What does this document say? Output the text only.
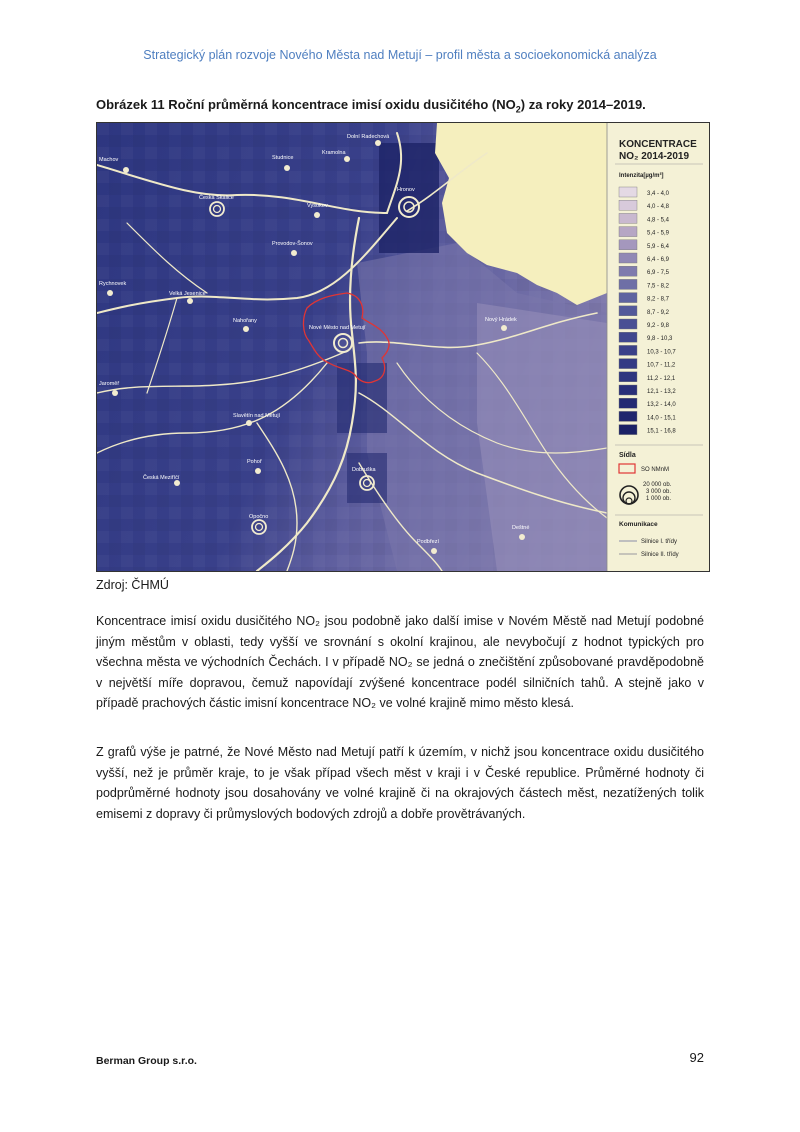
Strategický plán rozvoje Nového Města nad Metují – profil města a socioekonomická analýza
Obrázek 11 Roční průměrná koncentrace imisí oxidu dusičitého $(NO_2)$ za roky 2014–2019.
Dolní Radechová
Kramolna
Hronov
Studnice
Machov
Česká Skalice
Vysokov
Provodov-Šonov
Rychnovek
Velká Jesenice
Nahořany
Nové Město nad Metují
Nový Hrádek
Jaroměř
Slavětín nad Metují
Pohoř
Česká Meziříčí
Dobruška
Opočno
Podbřezí
Deštné
KONCENTRACE
NO₂ 2014-2019
Intenzita[µg/m³]
3,4 - 4,0
4,0 - 4,8
4,8 - 5,4
5,4 - 5,9
5,9 - 6,4
6,4 - 6,9
6,9 - 7,5
7,5 - 8,2
8,2 - 8,7
8,7 - 9,2
9,2 - 9,8
9,8 - 10,3
10,3 - 10,7
10,7 - 11,2
11,2 - 12,1
12,1 - 13,2
13,2 - 14,0
14,0 - 15,1
15,1 - 16,8
Sídla
SO NMnM
20 000 ob.
3 000 ob.
1 000 ob.
Komunikace
Silnice I. třídy
Silnice II. třídy
Zdroj: ČHMÚ

Koncentrace imisí oxidu dusičitého NO₂ jsou podobně jako další imise v Novém Městě nad Metují podobné jiným městům v oblasti, tedy vyšší ve srovnání s okolní krajinou, ale nevybočují z hodnot typických pro všechna města ve východních Čechách. I v případě NO₂ se jedná o znečištění způsobované pravděpodobně v největší míře dopravou, čemuž napovídají zvýšené koncentrace podél silničních tahů. A stejně jako v případě prachových částic imisní koncentrace NO₂ ve volné krajině mimo město klesá.

Z grafů výše je patrné, že Nové Město nad Metují patří k územím, v nichž jsou koncentrace oxidu dusičitého vyšší, než je průměr kraje, to je však případ všech měst v kraji i v České republice. Průměrné hodnoty či podprůměrné hodnoty jsou dosahovány ve volné krajině či na okrajových částech měst, nezatížených tolik emisemi z dopravy či průmyslových bodových zdrojů a dobře provětrávaných.

Berman Group s.r.o.	92
